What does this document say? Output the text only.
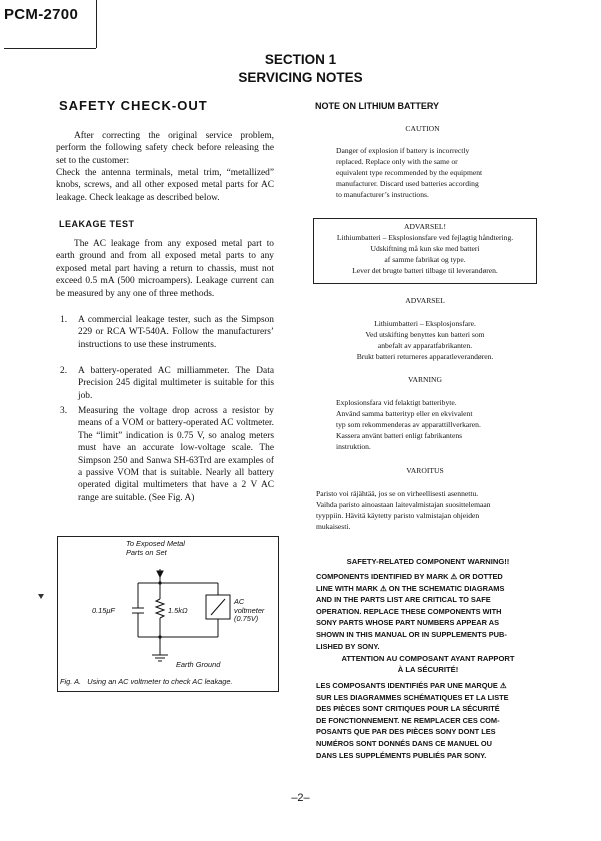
PCM-2700
SECTION 1
SERVICING NOTES
SAFETY CHECK-OUT
After correcting the original service problem, perform the following safety check before releasing the set to the customer:
Check the antenna terminals, metal trim, “metallized” knobs, screws, and all other exposed metal parts for AC leakage. Check leakage as described below.
LEAKAGE TEST
The AC leakage from any exposed metal part to earth ground and from all exposed metal parts to any exposed metal part having a return to chassis, must not exceed 0.5 mA (500 microampers). Leakage current can be measured by any one of three methods.
1. A commercial leakage tester, such as the Simpson 229 or RCA WT-540A. Follow the manufacturers’ instructions to use these instruments.
2. A battery-operated AC milliammeter. The Data Precision 245 digital multimeter is suitable for this job.
3. Measuring the voltage drop across a resistor by means of a VOM or battery-operated AC voltmeter. The “limit” indication is 0.75 V, so analog meters must have an accurate low-voltage scale. The Simpson 250 and Sanwa SH-63Trd are examples of a passive VOM that is suitable. Nearly all battery operated digital multimeters that have a 2 V AC range are suitable. (See Fig. A)
To Exposed Metal
Parts on Set
0.15μF	1.5kΩ
AC
voltmeter
(0.75V)
Earth Ground
Fig. A.   Using an AC voltmeter to check AC leakage.
NOTE ON LITHIUM BATTERY
CAUTION
Danger of explosion if battery is incorrectly
replaced. Replace only with the same or
equivalent type recommended by the equipment
manufacturer. Discard used batteries according
to manufacturer’s instructions.
ADVARSEL!
Lithiumbatteri – Eksplosionsfare ved fejlagtig håndtering.
Udskiftning må kun ske med batteri
af samme fabrikat og type.
Lever det brugte batteri tilbage til leverandøren.
ADVARSEL
Lithiumbatteri – Eksplosjonsfare.
Ved utskifting benyttes kun batteri som
anbefalt av apparatfabrikanten.
Brukt batteri returneres apparatleverandøren.
VARNING
Explosionsfara vid felaktigt batteribyte.
Använd samma batterityp eller en ekvivalent
typ som rekommenderas av apparattillverkaren.
Kassera använt batteri enligt fabrikantens
instruktion.
VAROITUS
Paristo voi räjähtää, jos se on virheellisesti asennettu.
Vaihda paristo ainoastaan laitevalmistajan suosittelemaan
tyyppiin. Hävitä käytetty paristo valmistajan ohjeiden
mukaisesti.
SAFETY-RELATED COMPONENT WARNING!!
COMPONENTS IDENTIFIED BY MARK ⚠ OR DOTTED
LINE WITH MARK ⚠ ON THE SCHEMATIC DIAGRAMS
AND IN THE PARTS LIST ARE CRITICAL TO SAFE
OPERATION. REPLACE THESE COMPONENTS WITH
SONY PARTS WHOSE PART NUMBERS APPEAR AS
SHOWN IN THIS MANUAL OR IN SUPPLEMENTS PUB-
LISHED BY SONY.
ATTENTION AU COMPOSANT AYANT RAPPORT
À LA SÉCURITÉ!
LES COMPOSANTS IDENTIFIÉS PAR UNE MARQUE ⚠
SUR LES DIAGRAMMES SCHÉMATIQUES ET LA LISTE
DES PIÈCES SONT CRITIQUES POUR LA SÉCURITÉ
DE FONCTIONNEMENT. NE REMPLACER CES COM-
POSANTS QUE PAR DES PIÈCES SONY DONT LES
NUMÉROS SONT DONNÉS DANS CE MANUEL OU
DANS LES SUPPLÉMENTS PUBLIÉS PAR SONY.
–2–
